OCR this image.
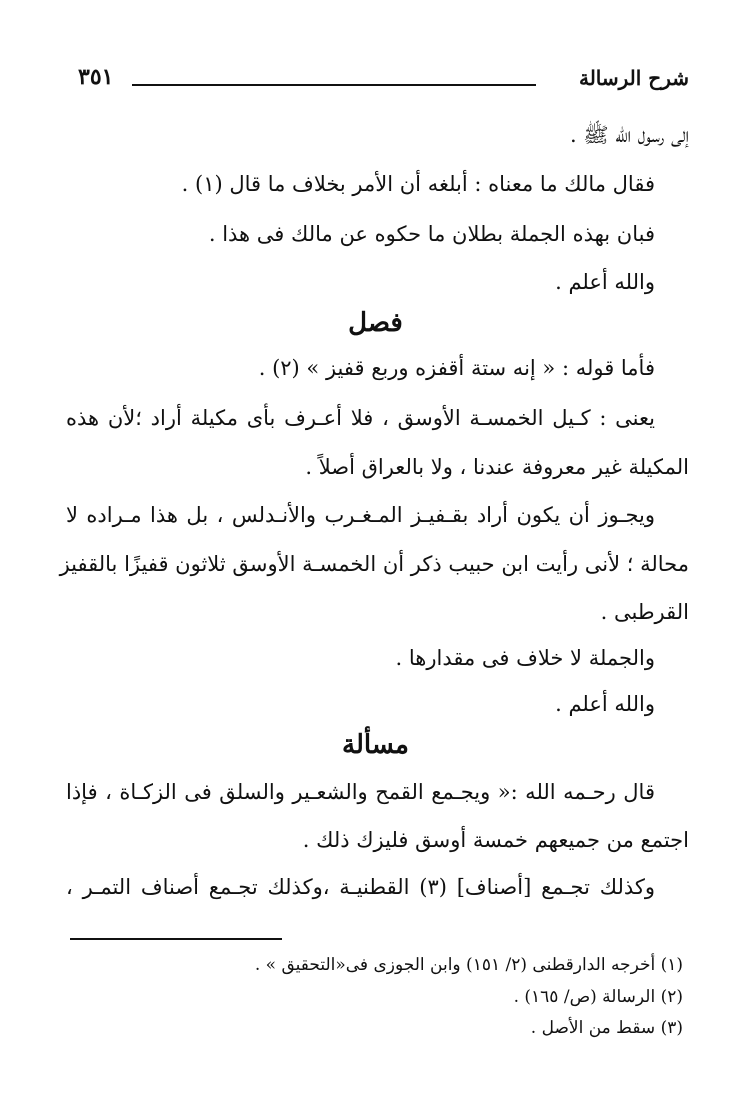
شرح الرسالة
٣٥١
إلى رسول الله ﷺ .
فقال مالك ما معناه : أبلغه أن الأمر بخلاف ما قال (١) .
فبان بهذه الجملة بطلان ما حكوه عن مالك فى هذا .
والله أعلم .
فصل
فأما قوله : « إنه ستة أقفزه وربع قفيز » (٢) .
يعنى : كـيل الخمسـة الأوسق ، فلا أعـرف بأى مكيلة أراد ؛لأن هذه
المكيلة غير معروفة عندنا ، ولا بالعراق أصلاً .
ويجـوز أن يكون أراد بقـفيـز المـغـرب والأنـدلس ، بل هذا مـراده لا
محالة ؛ لأنى رأيت ابن حبيب ذكر أن الخمسـة الأوسق ثلاثون قفيزًا بالقفيز
القرطبى .
والجملة لا خلاف فى مقدارها .
والله أعلم .
مسألة
قال رحـمه الله :« ويجـمع القمح والشعـير والسلق فى الزكـاة ، فإذا
اجتمع من جميعهم خمسة أوسق فليزك ذلك .
وكذلك تجـمع [أصناف] (٣) القطنيـة ،وكذلك تجـمع أصناف التمـر ،
(١) أخرجه الدارقطنى (٢/ ١٥١) وابن الجوزى فى«التحقيق » .
(٢) الرسالة (ص/ ١٦٥) .
(٣) سقط من الأصل .
